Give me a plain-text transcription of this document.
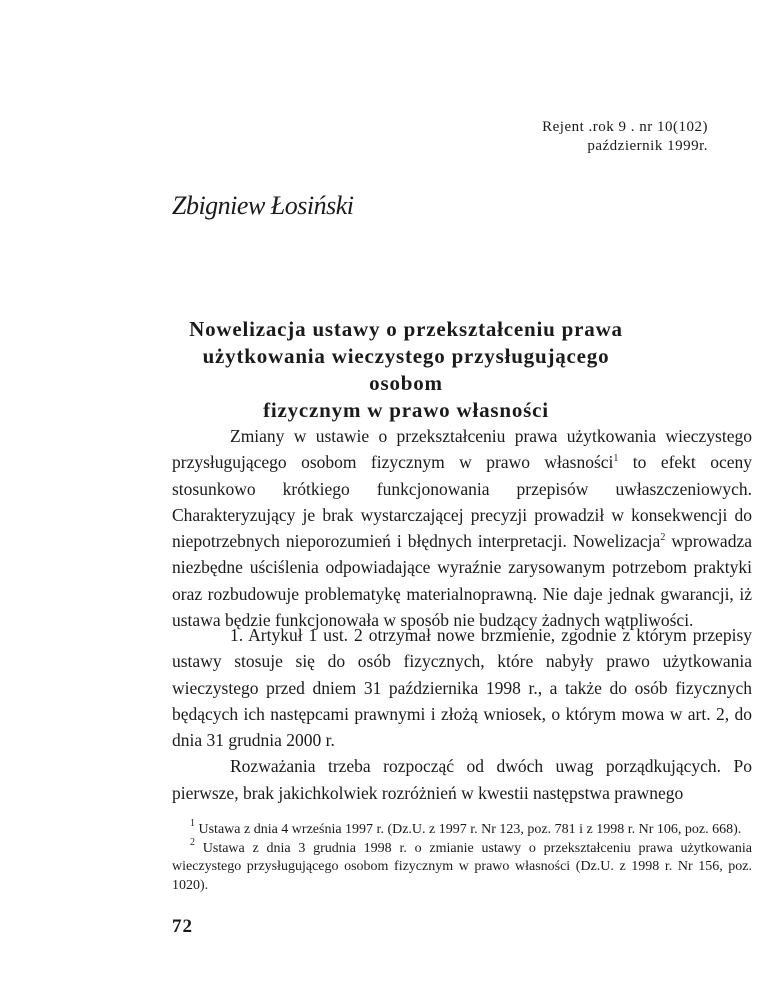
Rejent .rok 9 . nr 10(102)
październik 1999r.
Zbigniew Łosiński
Nowelizacja ustawy o przekształceniu prawa
użytkowania wieczystego przysługującego osobom
fizycznym w prawo własności

Zmiany w ustawie o przekształceniu prawa użytkowania wieczystego przysługującego osobom fizycznym w prawo własności$^1$ to efekt oceny stosunkowo krótkiego funkcjonowania przepisów uwłaszczeniowych. Charakteryzujący je brak wystarczającej precyzji prowadził w konsekwencji do niepotrzebnych nieporozumień i błędnych interpretacji. Nowelizacja$^2$ wprowadza niezbędne uściślenia odpowiadające wyraźnie zarysowanym potrzebom praktyki oraz rozbudowuje problematykę materialnoprawną. Nie daje jednak gwarancji, iż ustawa będzie funkcjonowała w sposób nie budzący żadnych wątpliwości.

1. Artykuł 1 ust. 2 otrzymał nowe brzmienie, zgodnie z którym przepisy ustawy stosuje się do osób fizycznych, które nabyły prawo użytkowania wieczystego przed dniem 31 października 1998 r., a także do osób fizycznych będących ich następcami prawnymi i złożą wniosek, o którym mowa w art. 2, do dnia 31 grudnia 2000 r.

Rozważania trzeba rozpocząć od dwóch uwag porządkujących. Po pierwsze, brak jakichkolwiek rozróżnień w kwestii następstwa prawnego

$^1$ Ustawa z dnia 4 września 1997 r. (Dz.U. z 1997 r. Nr 123, poz. 781 i z 1998 r. Nr 106, poz. 668).

$^2$ Ustawa z dnia 3 grudnia 1998 r. o zmianie ustawy o przekształceniu prawa użytkowania wieczystego przysługującego osobom fizycznym w prawo własności (Dz.U. z 1998 r. Nr 156, poz. 1020).

72
